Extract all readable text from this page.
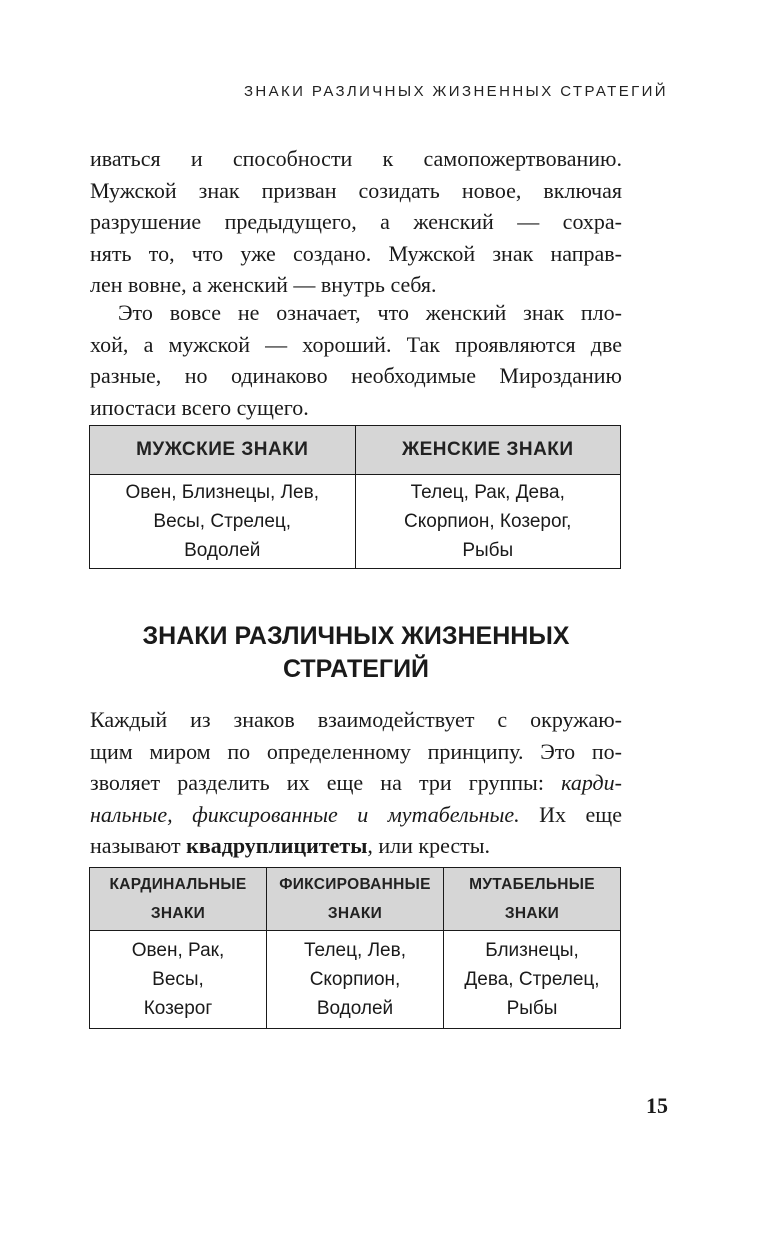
ЗНАКИ РАЗЛИЧНЫХ ЖИЗНЕННЫХ СТРАТЕГИЙ

иваться и способности к самопожертвованию.
Мужской знак призван созидать новое, включая
разрушение предыдущего, а женский — сохра-
нять то, что уже создано. Мужской знак направ-
лен вовне, а женский — внутрь себя.

Это вовсе не означает, что женский знак пло-
хой, а мужской — хороший. Так проявляются две
разные, но одинаково необходимые Мирозданию
ипостаси всего сущего.

МУЖСКИЕ ЗНАКИ	ЖЕНСКИЕ ЗНАКИ

Овен, Близнецы, Лев,
Весы, Стрелец,
Водолей	Телец, Рак, Дева,
Скорпион, Козерог,
Рыбы
ЗНАКИ РАЗЛИЧНЫХ ЖИЗНЕННЫХ
СТРАТЕГИЙ

Каждый из знаков взаимодействует с окружаю-
щим миром по определенному принципу. Это по-
зволяет разделить их еще на три группы: карди-
нальные, фиксированные и мутабельные. Их еще
называют квадруплицитеты, или кресты.

КАРДИНАЛЬНЫЕ ЗНАКИ	ФИКСИРОВАННЫЕ ЗНАКИ	МУТАБЕЛЬНЫЕ ЗНАКИ

Овен, Рак,
Весы,
Козерог	Телец, Лев,
Скорпион,
Водолей	Близнецы,
Дева, Стрелец,
Рыбы
15
